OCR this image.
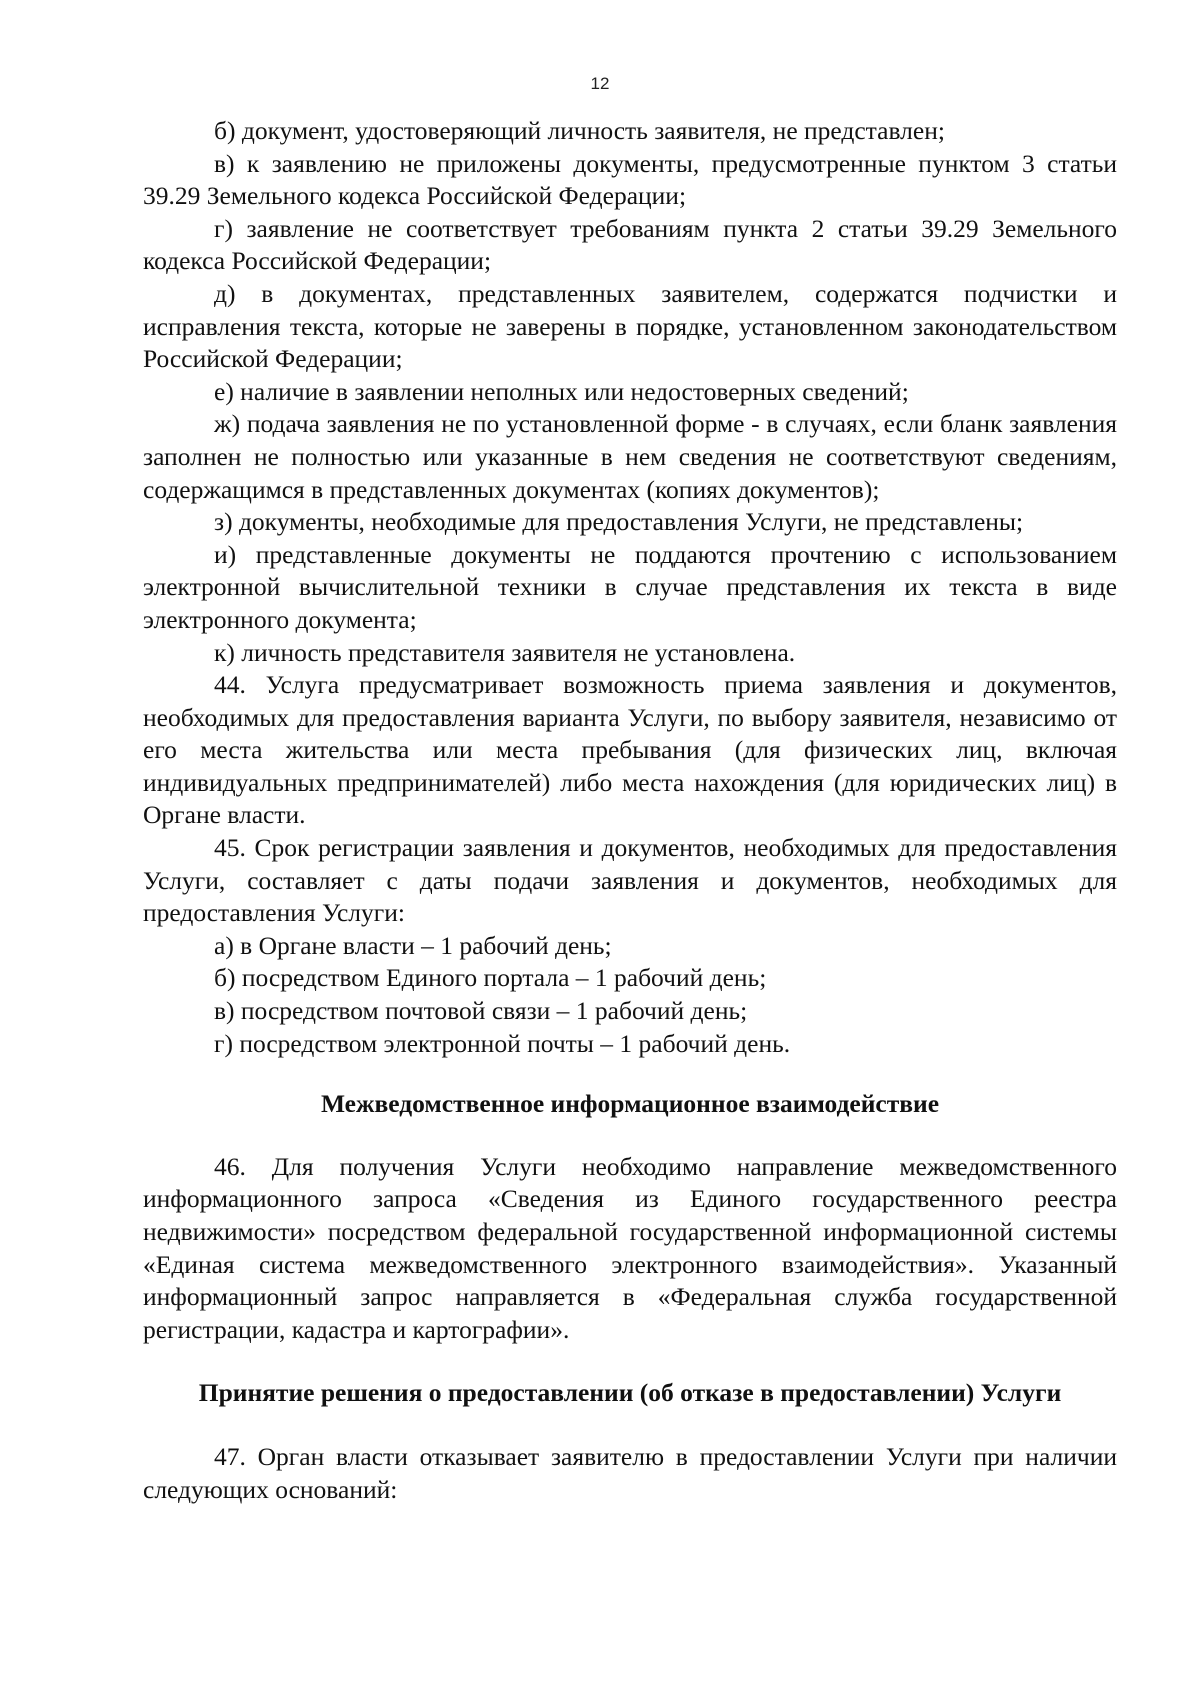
12

б) документ, удостоверяющий личность заявителя, не представлен;

в) к заявлению не приложены документы, предусмотренные пунктом 3 статьи 39.29 Земельного кодекса Российской Федерации;

г) заявление не соответствует требованиям пункта 2 статьи 39.29 Земельного кодекса Российской Федерации;

д) в документах, представленных заявителем, содержатся подчистки и исправления текста, которые не заверены в порядке, установленном законодательством Российской Федерации;

е) наличие в заявлении неполных или недостоверных сведений;

ж) подача заявления не по установленной форме - в случаях, если бланк заявления заполнен не полностью или указанные в нем сведения не соответствуют сведениям, содержащимся в представленных документах (копиях документов);

з) документы, необходимые для предоставления Услуги, не представлены;

и) представленные документы не поддаются прочтению с использованием электронной вычислительной техники в случае представления их текста в виде электронного документа;

к) личность представителя заявителя не установлена.

44. Услуга предусматривает возможность приема заявления и документов, необходимых для предоставления варианта Услуги, по выбору заявителя, независимо от его места жительства или места пребывания (для физических лиц, включая индивидуальных предпринимателей) либо места нахождения (для юридических лиц) в Органе власти.

45. Срок регистрации заявления и документов, необходимых для предоставления Услуги, составляет с даты подачи заявления и документов, необходимых для предоставления Услуги:

а) в Органе власти – 1 рабочий день;

б) посредством Единого портала – 1 рабочий день;

в) посредством почтовой связи – 1 рабочий день;

г) посредством электронной почты – 1 рабочий день.

Межведомственное информационное взаимодействие

46. Для получения Услуги необходимо направление межведомственного информационного запроса «Сведения из Единого государственного реестра недвижимости» посредством федеральной государственной информационной системы «Единая система межведомственного электронного взаимодействия». Указанный информационный запрос направляется в «Федеральная служба государственной регистрации, кадастра и картографии».

Принятие решения о предоставлении (об отказе в предоставлении) Услуги

47. Орган власти отказывает заявителю в предоставлении Услуги при наличии следующих оснований:
